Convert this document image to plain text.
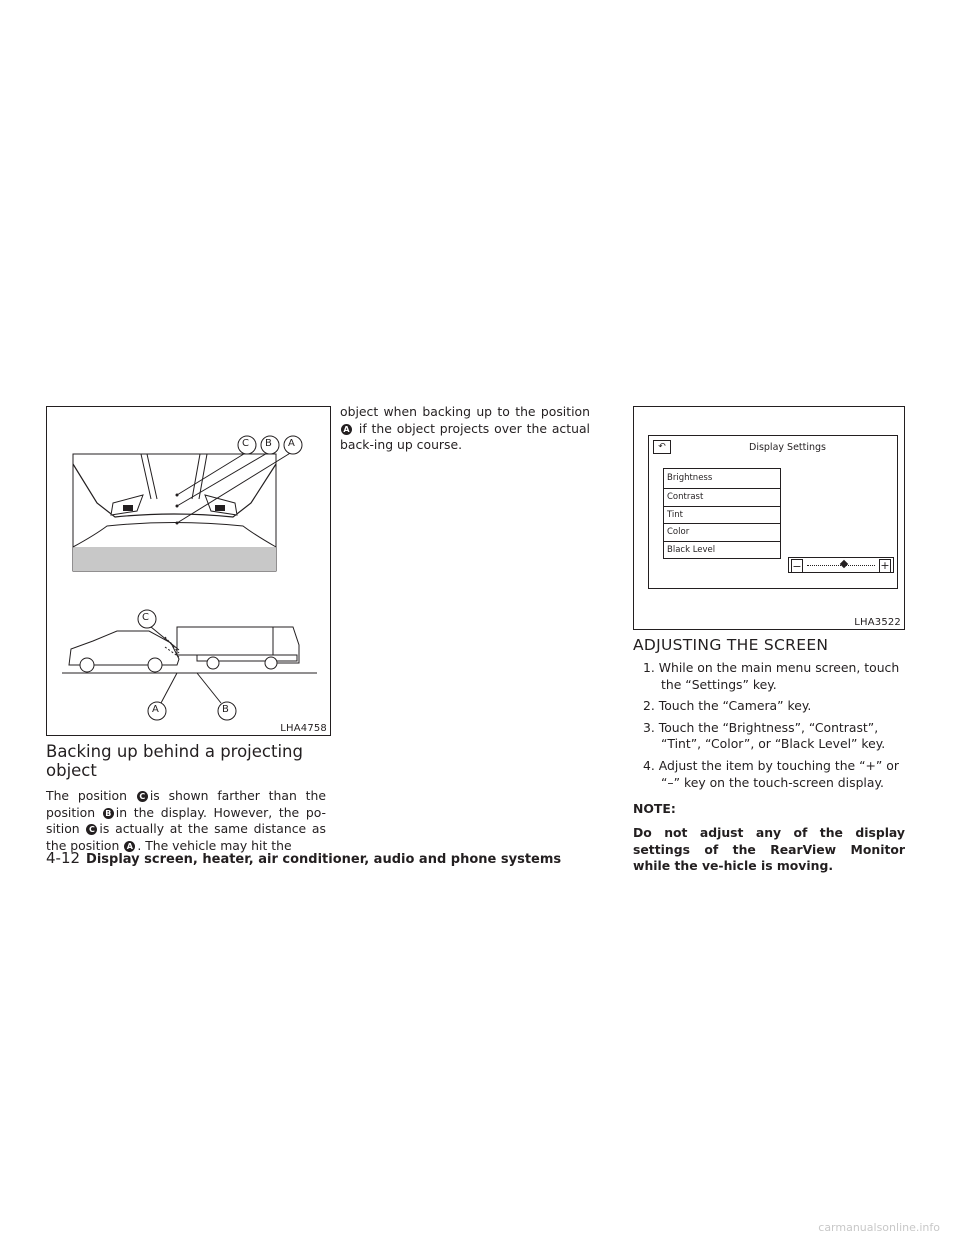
C B A
C
A	B
LHA4758
Backing up behind a projecting object

The position C is shown farther than the position B in the display. However, the po-sition C is actually at the same distance as the position A . The vehicle may hit the

object when backing up to the position A if the object projects over the actual back-ing up course.	↶	Display Settings
Brightness
Contrast
Tint
Color
Black Level
−	+
LHA3522
ADJUSTING THE SCREEN
1. While on the main menu screen, touch the “Settings” key.
2. Touch the “Camera” key.
3. Touch the “Brightness”, “Contrast”, “Tint”, “Color”, or “Black Level” key.
4. Adjust the item by touching the “+” or “–” key on the touch-screen display.

NOTE:

Do not adjust any of the display settings of the RearView Monitor while the ve-hicle is moving.

4-12 Display screen, heater, air conditioner, audio and phone systems
carmanualsonline.info
